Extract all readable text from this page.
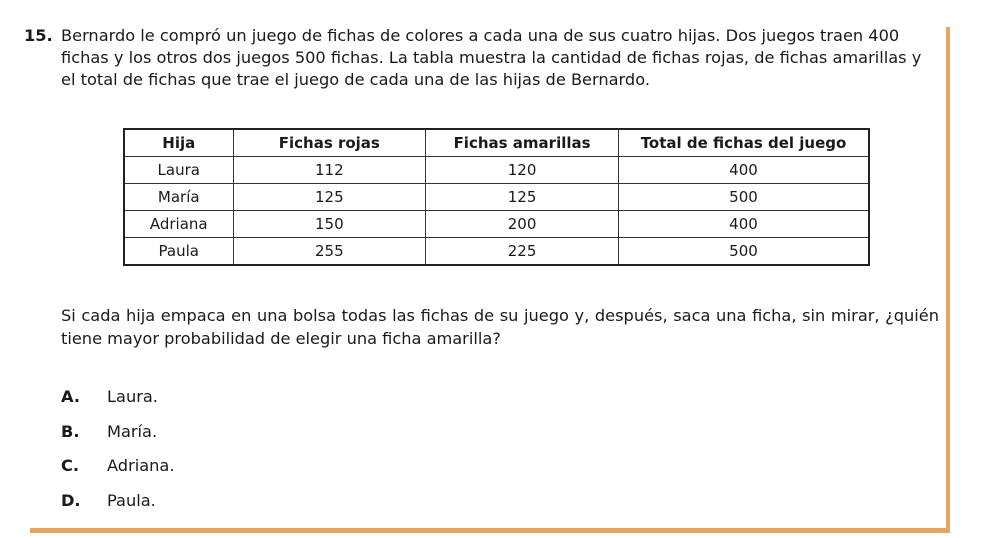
15. Bernardo le compró un juego de fichas de colores a cada una de sus cuatro hijas. Dos juegos traen 400 fichas y los otros dos juegos 500 fichas. La tabla muestra la cantidad de fichas rojas, de fichas amarillas y el total de fichas que trae el juego de cada una de las hijas de Bernardo.
Hija	Fichas rojas	Fichas amarillas	Total de fichas del juego
Laura	112	120	400
María	125	125	500
Adriana	150	200	400
Paula	255	225	500
Si cada hija empaca en una bolsa todas las fichas de su juego y, después, saca una ficha, sin mirar, ¿quién tiene mayor probabilidad de elegir una ficha amarilla?
A. Laura.
B. María.
C. Adriana.
D. Paula.
